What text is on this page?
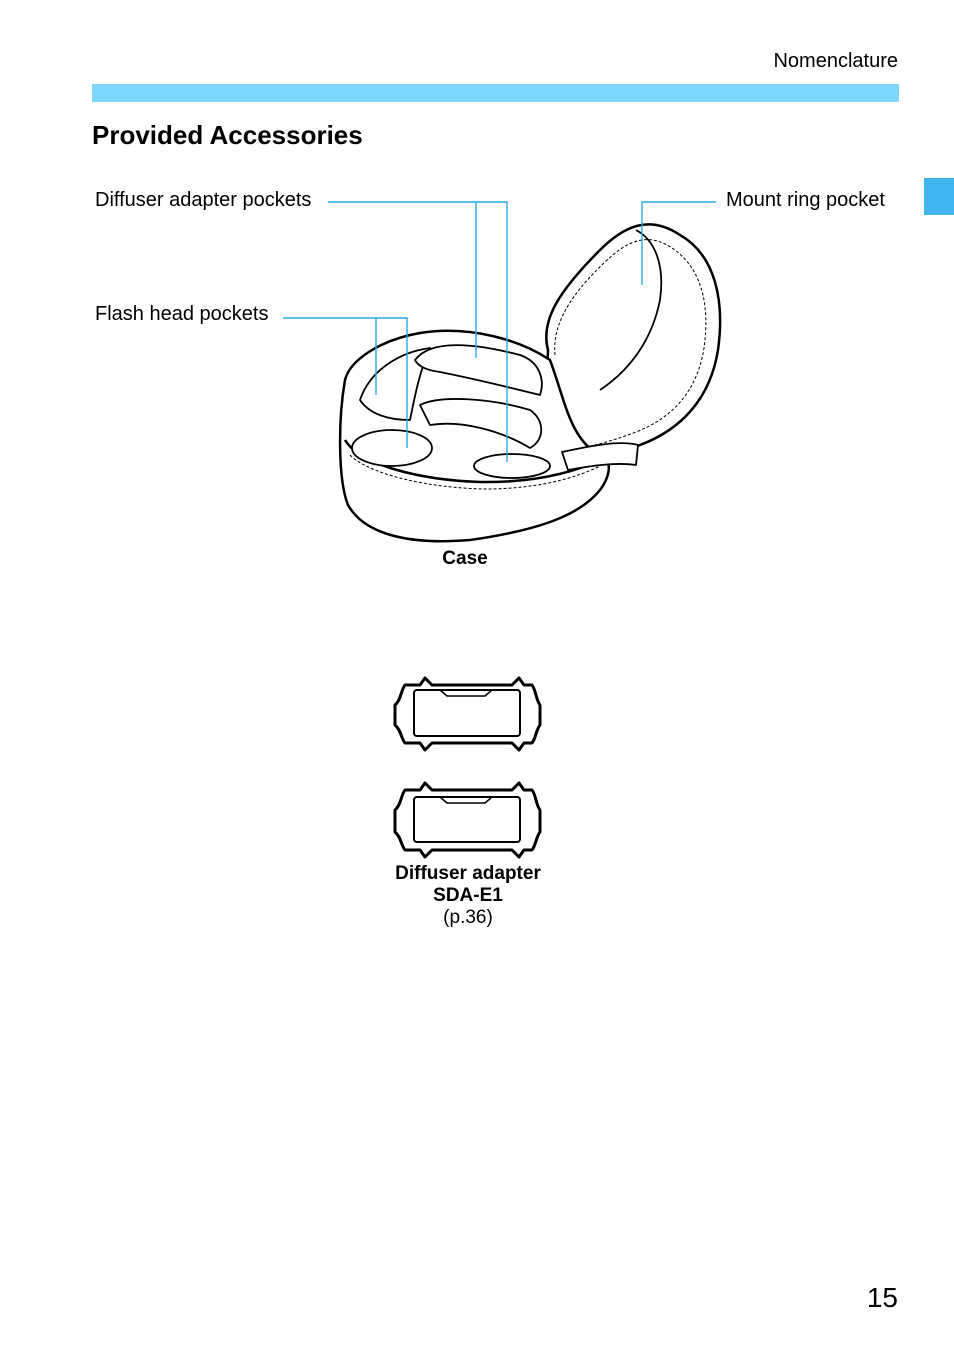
Nomenclature
Provided Accessories
Diffuser adapter pockets
Flash head pockets
Mount ring pocket
Case
Diffuser adapter
SDA-E1
(p.36)
15
